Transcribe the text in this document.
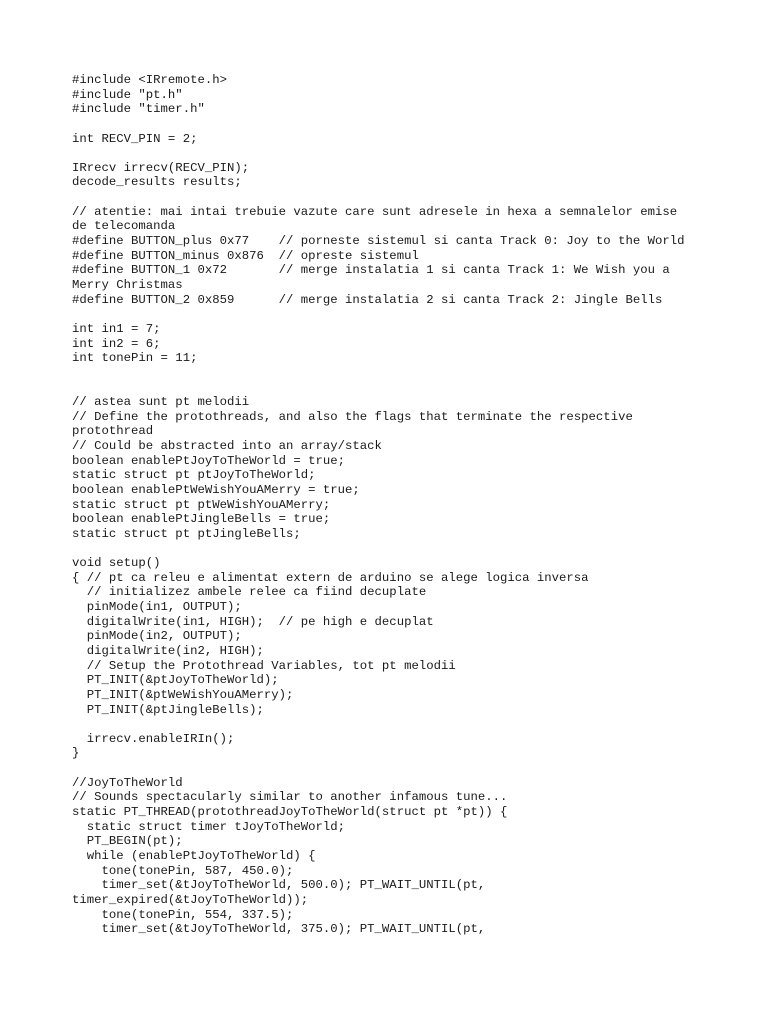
#include <IRremote.h>
#include "pt.h"
#include "timer.h"
int RECV_PIN = 2;
IRrecv irrecv(RECV_PIN);
decode_results results;
// atentie: mai intai trebuie vazute care sunt adresele in hexa a semnalelor emise
de telecomanda
#define BUTTON_plus 0x77    // porneste sistemul si canta Track 0: Joy to the World
#define BUTTON_minus 0x876  // opreste sistemul
#define BUTTON_1 0x72       // merge instalatia 1 si canta Track 1: We Wish you a
Merry Christmas
#define BUTTON_2 0x859      // merge instalatia 2 si canta Track 2: Jingle Bells
int in1 = 7;
int in2 = 6;
int tonePin = 11;
// astea sunt pt melodii
// Define the protothreads, and also the flags that terminate the respective
protothread
// Could be abstracted into an array/stack
boolean enablePtJoyToTheWorld = true;
static struct pt ptJoyToTheWorld;
boolean enablePtWeWishYouAMerry = true;
static struct pt ptWeWishYouAMerry;
boolean enablePtJingleBells = true;
static struct pt ptJingleBells;
void setup()
{ // pt ca releu e alimentat extern de arduino se alege logica inversa
// initializez ambele relee ca fiind decuplate
pinMode(in1, OUTPUT);
digitalWrite(in1, HIGH);  // pe high e decuplat
pinMode(in2, OUTPUT);
digitalWrite(in2, HIGH);
// Setup the Protothread Variables, tot pt melodii
PT_INIT(&ptJoyToTheWorld);
PT_INIT(&ptWeWishYouAMerry);
PT_INIT(&ptJingleBells);
irrecv.enableIRIn();
}
//JoyToTheWorld
// Sounds spectacularly similar to another infamous tune...
static PT_THREAD(protothreadJoyToTheWorld(struct pt *pt)) {
static struct timer tJoyToTheWorld;
PT_BEGIN(pt);
while (enablePtJoyToTheWorld) {
tone(tonePin, 587, 450.0);
timer_set(&tJoyToTheWorld, 500.0); PT_WAIT_UNTIL(pt,
timer_expired(&tJoyToTheWorld));
tone(tonePin, 554, 337.5);
timer_set(&tJoyToTheWorld, 375.0); PT_WAIT_UNTIL(pt,
